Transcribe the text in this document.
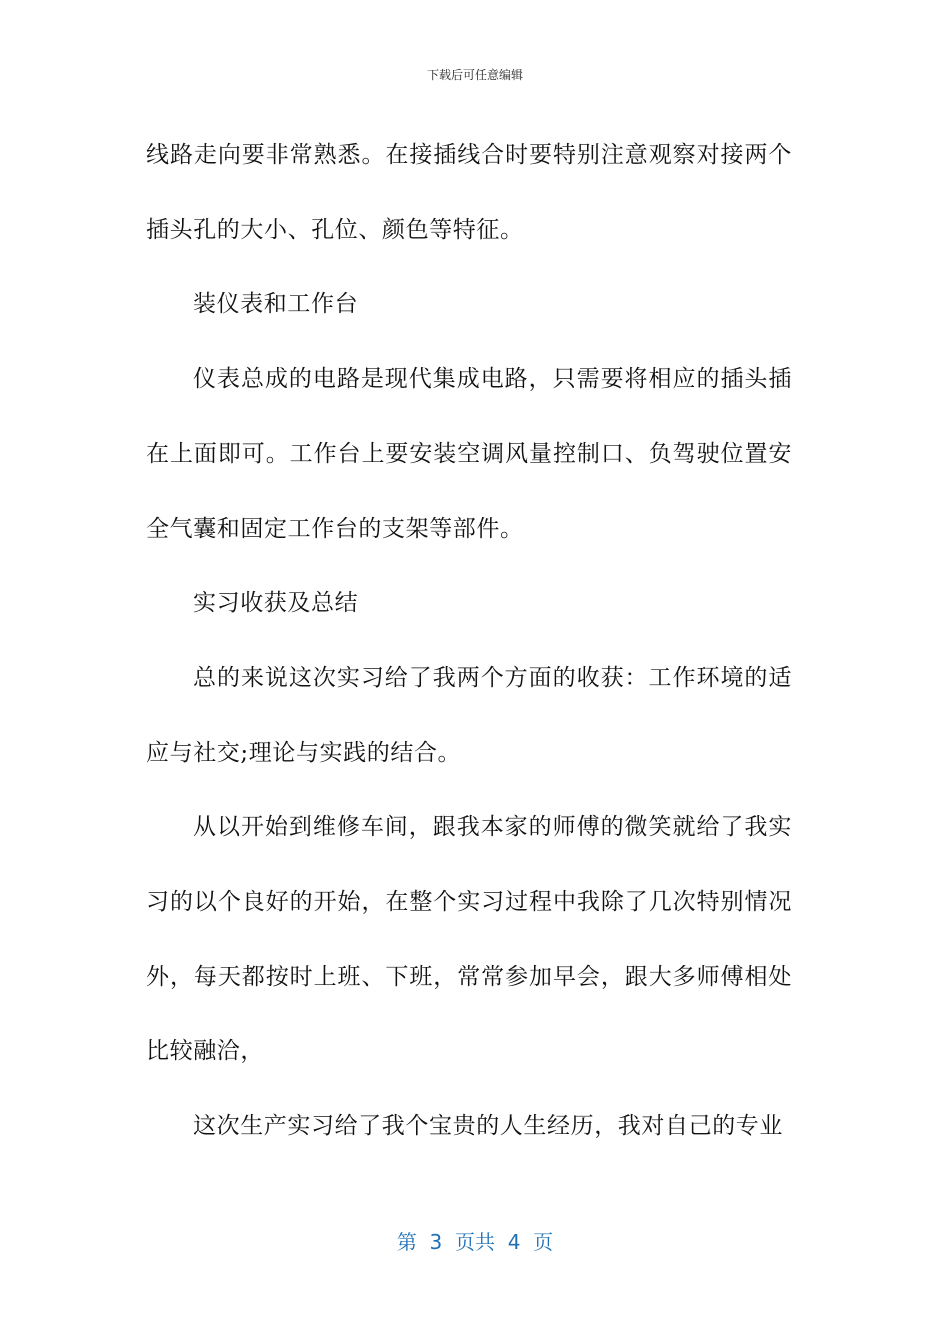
下载后可任意编辑

线路走向要非常熟悉。在接插线合时要特别注意观察对接两个插头孔的大小、孔位、颜色等特征。

装仪表和工作台

仪表总成的电路是现代集成电路，只需要将相应的插头插在上面即可。工作台上要安装空调风量控制口、负驾驶位置安全气囊和固定工作台的支架等部件。

实习收获及总结

总的来说这次实习给了我两个方面的收获：工作环境的适应与社交;理论与实践的结合。

从以开始到维修车间，跟我本家的师傅的微笑就给了我实习的以个良好的开始，在整个实习过程中我除了几次特别情况外，每天都按时上班、下班，常常参加早会，跟大多师傅相处比较融洽，

这次生产实习给了我个宝贵的人生经历，我对自己的专业

第  3  页共  4  页
